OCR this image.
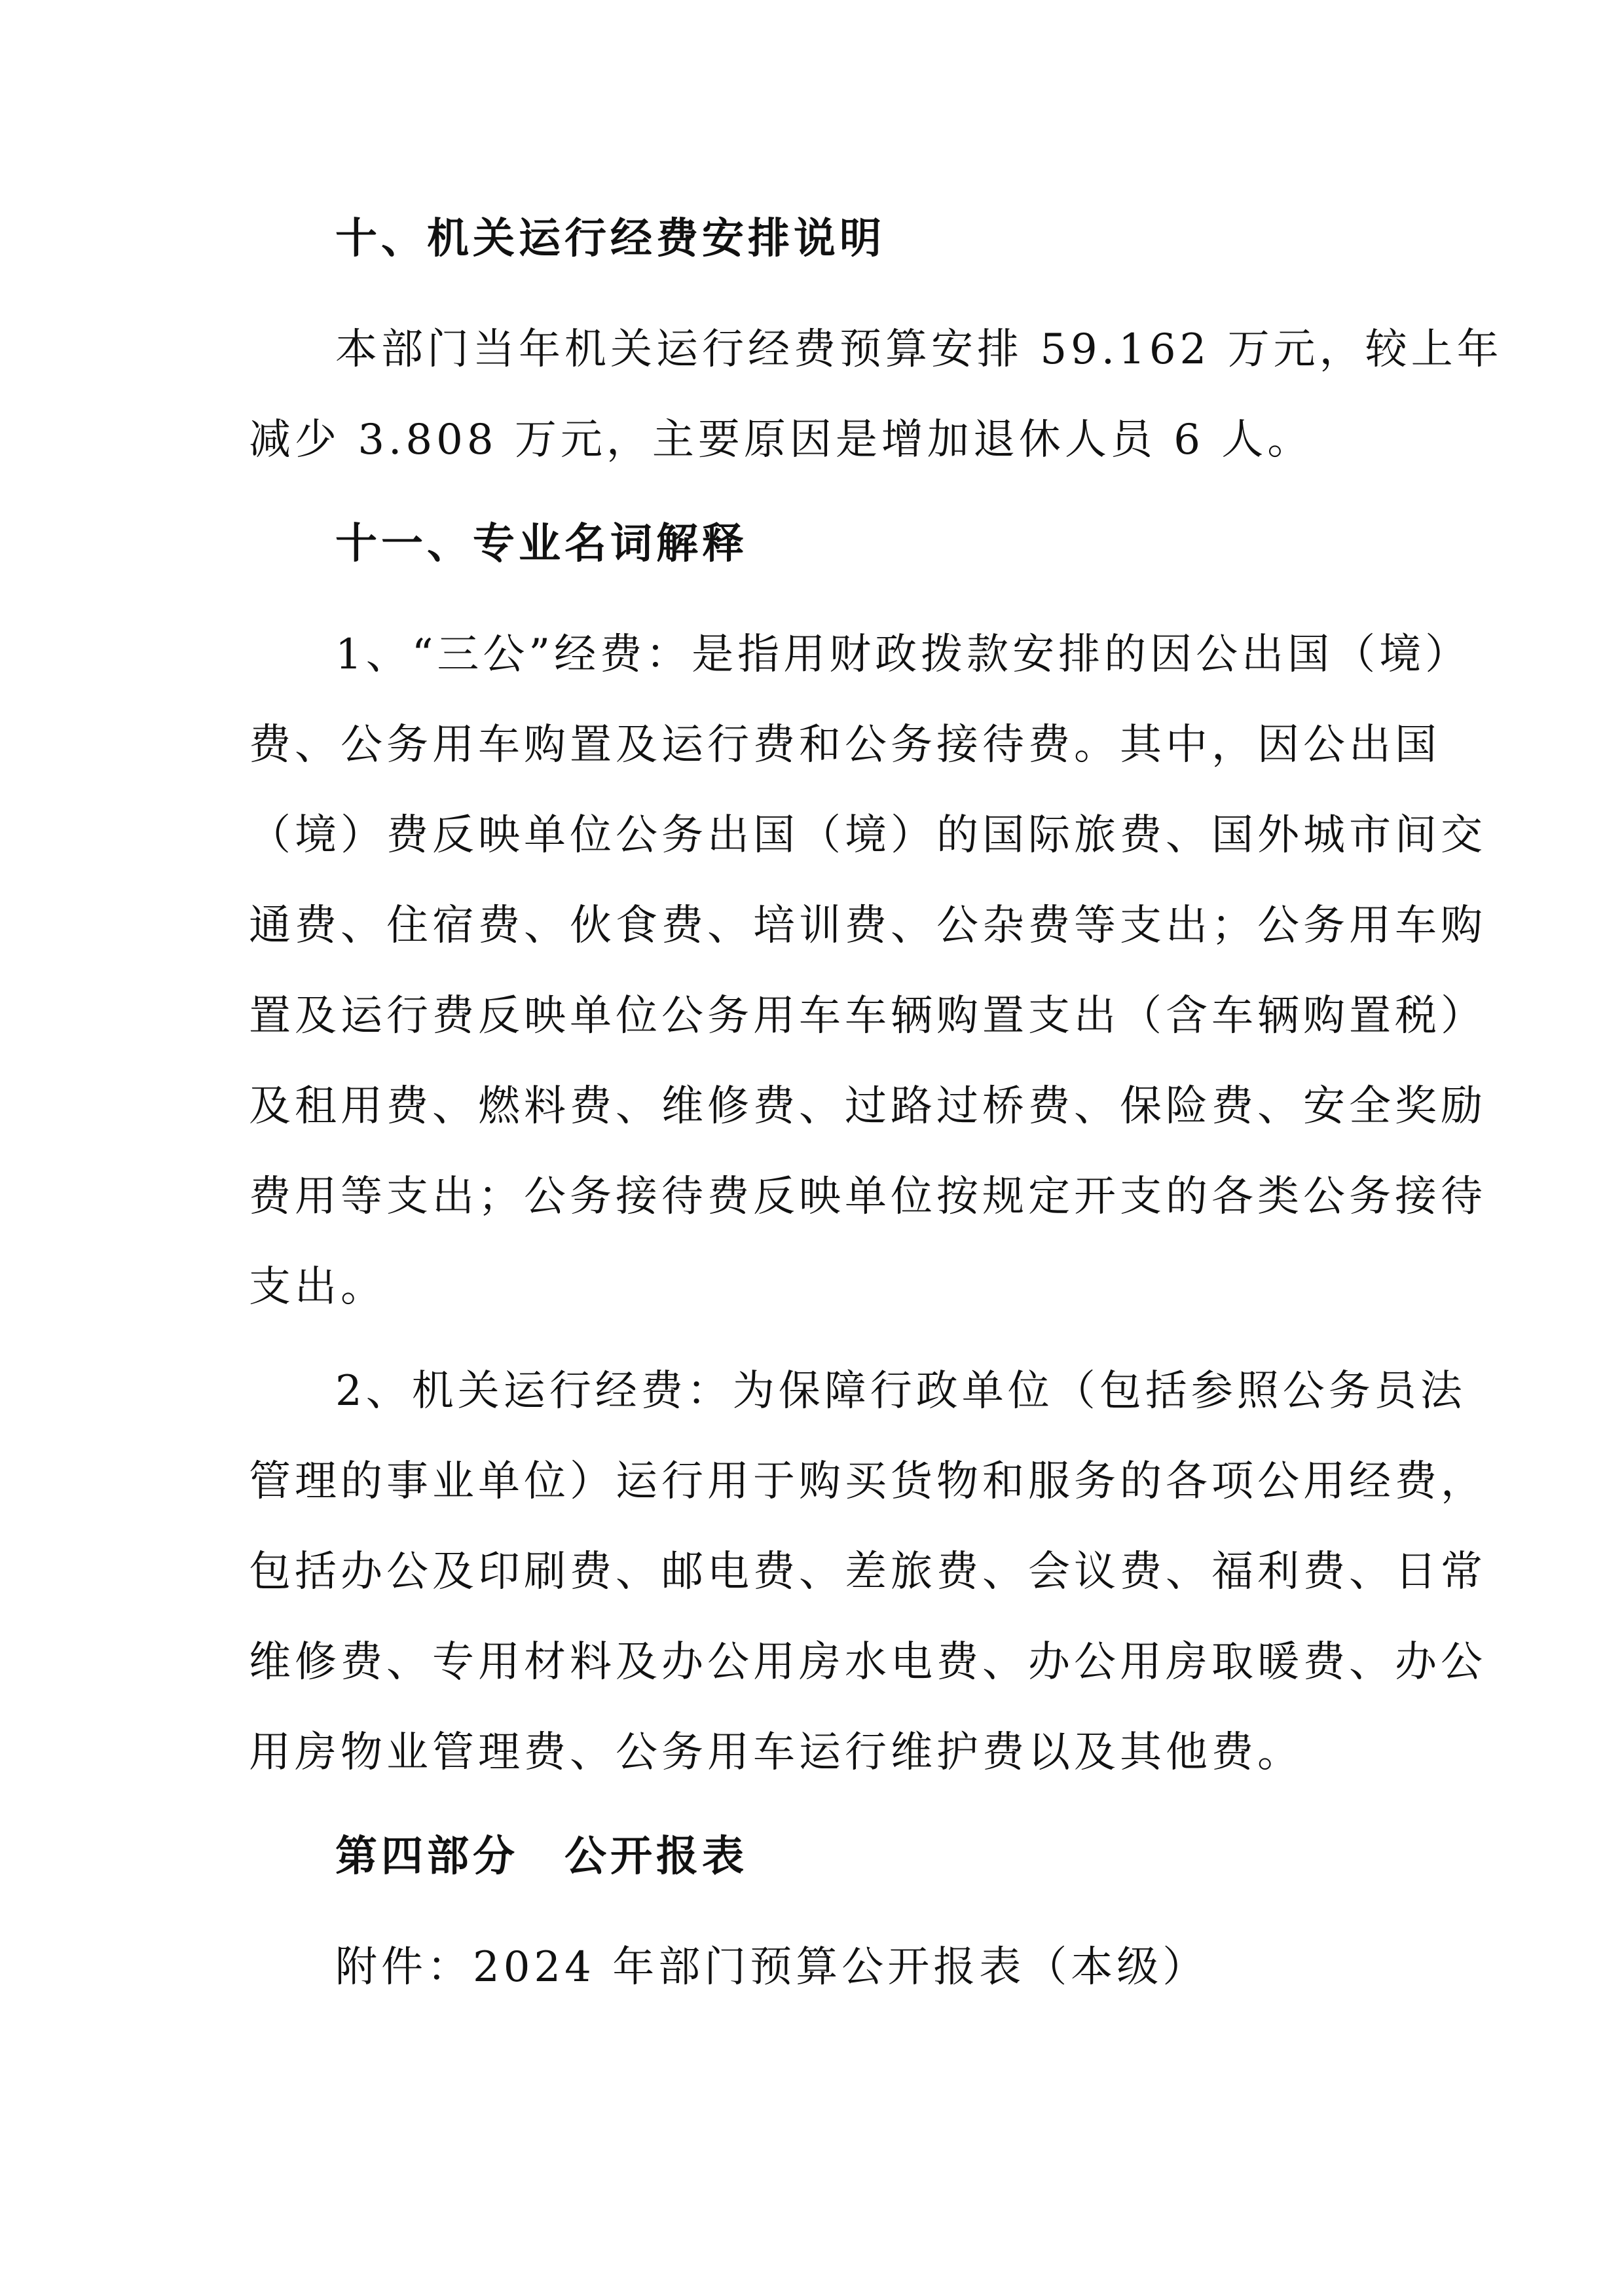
十、机关运行经费安排说明
本部门当年机关运行经费预算安排 59.162 万元，较上年
减少 3.808 万元，主要原因是增加退休人员 6 人。
十一、专业名词解释
1、“三公”经费：是指用财政拨款安排的因公出国（境）
费、公务用车购置及运行费和公务接待费。其中，因公出国
（境）费反映单位公务出国（境）的国际旅费、国外城市间交
通费、住宿费、伙食费、培训费、公杂费等支出；公务用车购
置及运行费反映单位公务用车车辆购置支出（含车辆购置税）
及租用费、燃料费、维修费、过路过桥费、保险费、安全奖励
费用等支出；公务接待费反映单位按规定开支的各类公务接待
支出。
2、机关运行经费：为保障行政单位（包括参照公务员法
管理的事业单位）运行用于购买货物和服务的各项公用经费，
包括办公及印刷费、邮电费、差旅费、会议费、福利费、日常
维修费、专用材料及办公用房水电费、办公用房取暖费、办公
用房物业管理费、公务用车运行维护费以及其他费。
第四部分　公开报表
附件：2024 年部门预算公开报表（本级）
